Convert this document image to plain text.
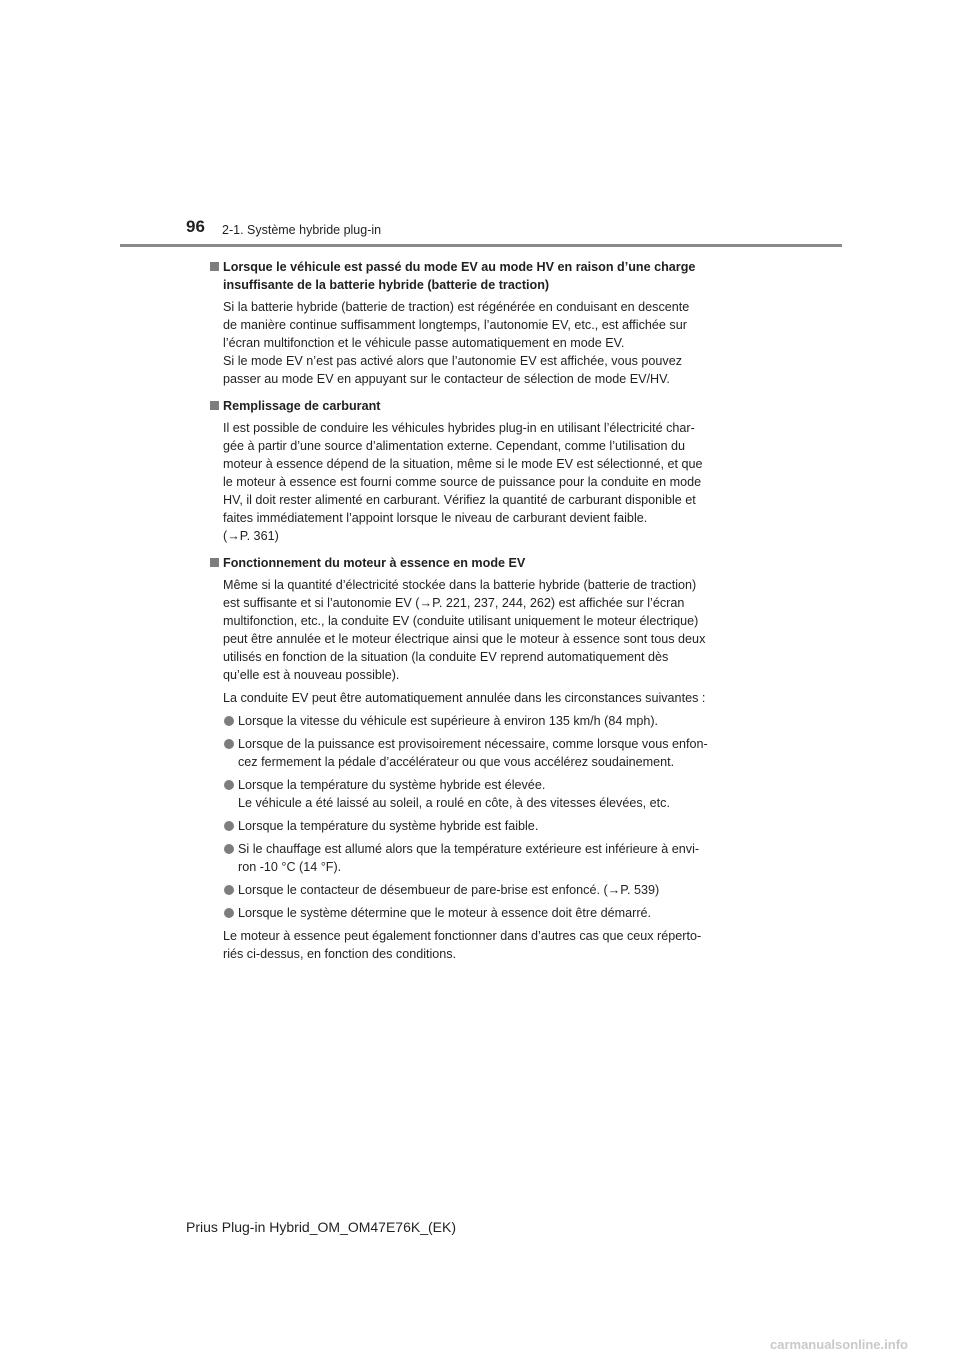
96 2-1. Système hybride plug-in
Lorsque le véhicule est passé du mode EV au mode HV en raison d’une charge
insuffisante de la batterie hybride (batterie de traction)
Si la batterie hybride (batterie de traction) est régénérée en conduisant en descente
de manière continue suffisamment longtemps, l’autonomie EV, etc., est affichée sur
l’écran multifonction et le véhicule passe automatiquement en mode EV.
Si le mode EV n’est pas activé alors que l’autonomie EV est affichée, vous pouvez
passer au mode EV en appuyant sur le contacteur de sélection de mode EV/HV.
Remplissage de carburant
Il est possible de conduire les véhicules hybrides plug-in en utilisant l’électricité char-
gée à partir d’une source d’alimentation externe. Cependant, comme l’utilisation du
moteur à essence dépend de la situation, même si le mode EV est sélectionné, et que
le moteur à essence est fourni comme source de puissance pour la conduite en mode
HV, il doit rester alimenté en carburant. Vérifiez la quantité de carburant disponible et
faites immédiatement l’appoint lorsque le niveau de carburant devient faible.
(→P. 361)
Fonctionnement du moteur à essence en mode EV
Même si la quantité d’électricité stockée dans la batterie hybride (batterie de traction)
est suffisante et si l’autonomie EV (→P. 221, 237, 244, 262) est affichée sur l’écran
multifonction, etc., la conduite EV (conduite utilisant uniquement le moteur électrique)
peut être annulée et le moteur électrique ainsi que le moteur à essence sont tous deux
utilisés en fonction de la situation (la conduite EV reprend automatiquement dès
qu’elle est à nouveau possible).
La conduite EV peut être automatiquement annulée dans les circonstances suivantes :
Lorsque la vitesse du véhicule est supérieure à environ 135 km/h (84 mph).
Lorsque de la puissance est provisoirement nécessaire, comme lorsque vous enfon-
cez fermement la pédale d’accélérateur ou que vous accélérez soudainement.
Lorsque la température du système hybride est élevée.
Le véhicule a été laissé au soleil, a roulé en côte, à des vitesses élevées, etc.
Lorsque la température du système hybride est faible.
Si le chauffage est allumé alors que la température extérieure est inférieure à envi-
ron -10 °C (14 °F).
Lorsque le contacteur de désembueur de pare-brise est enfoncé. (→P. 539)
Lorsque le système détermine que le moteur à essence doit être démarré.
Le moteur à essence peut également fonctionner dans d’autres cas que ceux réperto-
riés ci-dessus, en fonction des conditions.
Prius Plug-in Hybrid_OM_OM47E76K_(EK)
carmanualsonline.info
